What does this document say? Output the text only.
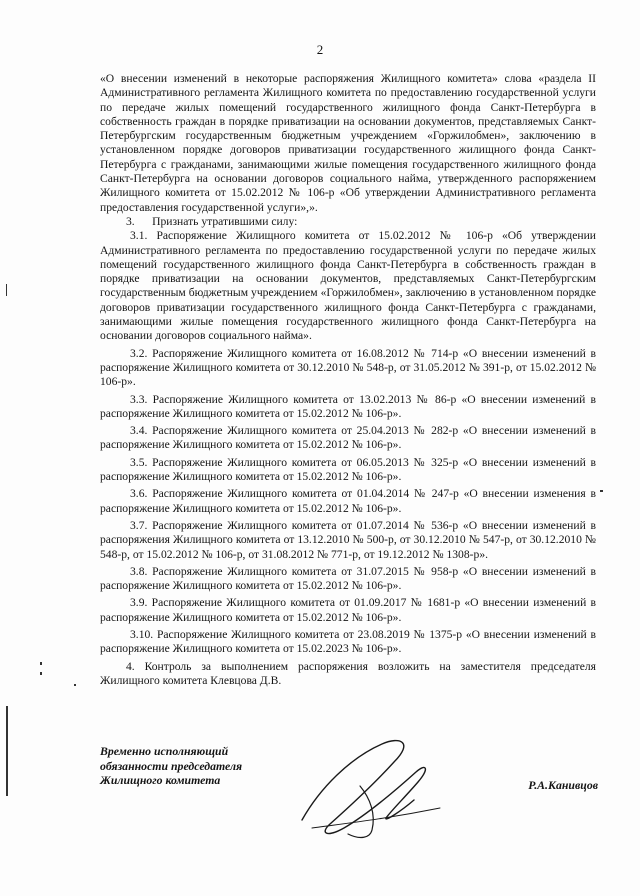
2

«О внесении изменений в некоторые распоряжения Жилищного комитета» слова «раздела II Административного регламента Жилищного комитета по предоставлению государственной услуги по передаче жилых помещений государственного жилищного фонда Санкт-Петербурга в собственность граждан в порядке приватизации на основании документов, представляемых Санкт-Петербургским государственным бюджетным учреждением «Горжилобмен», заключению в установленном порядке договоров приватизации государственного жилищного фонда Санкт-Петербурга с гражданами, занимающими жилые помещения государственного жилищного фонда Санкт-Петербурга на основании договоров социального найма, утвержденного распоряжением Жилищного комитета от 15.02.2012 № 106-р «Об утверждении Административного регламента предоставления государственной услуги»,».

3. Признать утратившими силу:

3.1. Распоряжение Жилищного комитета от 15.02.2012 № 106-р «Об утверждении Административного регламента по предоставлению государственной услуги по передаче жилых помещений государственного жилищного фонда Санкт-Петербурга в собственность граждан в порядке приватизации на основании документов, представляемых Санкт-Петербургским государственным бюджетным учреждением «Горжилобмен», заключению в установленном порядке договоров приватизации государственного жилищного фонда Санкт-Петербурга с гражданами, занимающими жилые помещения государственного жилищного фонда Санкт-Петербурга на основании договоров социального найма».

3.2. Распоряжение Жилищного комитета от 16.08.2012 № 714-р «О внесении изменений в распоряжение Жилищного комитета от 30.12.2010 № 548-р, от 31.05.2012 № 391-р, от 15.02.2012 № 106-р».

3.3. Распоряжение Жилищного комитета от 13.02.2013 № 86-р «О внесении изменений в распоряжение Жилищного комитета от 15.02.2012 № 106-р».

3.4. Распоряжение Жилищного комитета от 25.04.2013 № 282-р «О внесении изменений в распоряжение Жилищного комитета от 15.02.2012 № 106-р».

3.5. Распоряжение Жилищного комитета от 06.05.2013 № 325-р «О внесении изменений в распоряжение Жилищного комитета от 15.02.2012 № 106-р».

3.6. Распоряжение Жилищного комитета от 01.04.2014 № 247-р «О внесении изменения в распоряжение Жилищного комитета от 15.02.2012 № 106-р».

3.7. Распоряжение Жилищного комитета от 01.07.2014 № 536-р «О внесении изменений в распоряжения Жилищного комитета от 13.12.2010 № 500-р, от 30.12.2010 № 547-р, от 30.12.2010 № 548-р, от 15.02.2012 № 106-р, от 31.08.2012 № 771-р, от 19.12.2012 № 1308-р».

3.8. Распоряжение Жилищного комитета от 31.07.2015 № 958-р «О внесении изменений в распоряжение Жилищного комитета от 15.02.2012 № 106-р».

3.9. Распоряжение Жилищного комитета от 01.09.2017 № 1681-р «О внесении изменений в распоряжение Жилищного комитета от 15.02.2012 № 106-р».

3.10. Распоряжение Жилищного комитета от 23.08.2019 № 1375-р «О внесении изменений в распоряжение Жилищного комитета от 15.02.2023 № 106-р».

4. Контроль за выполнением распоряжения возложить на заместителя председателя Жилищного комитета Клевцова Д.В.

Временно исполняющий
обязанности председателя
Жилищного комитета	Р.А.Канивцов
